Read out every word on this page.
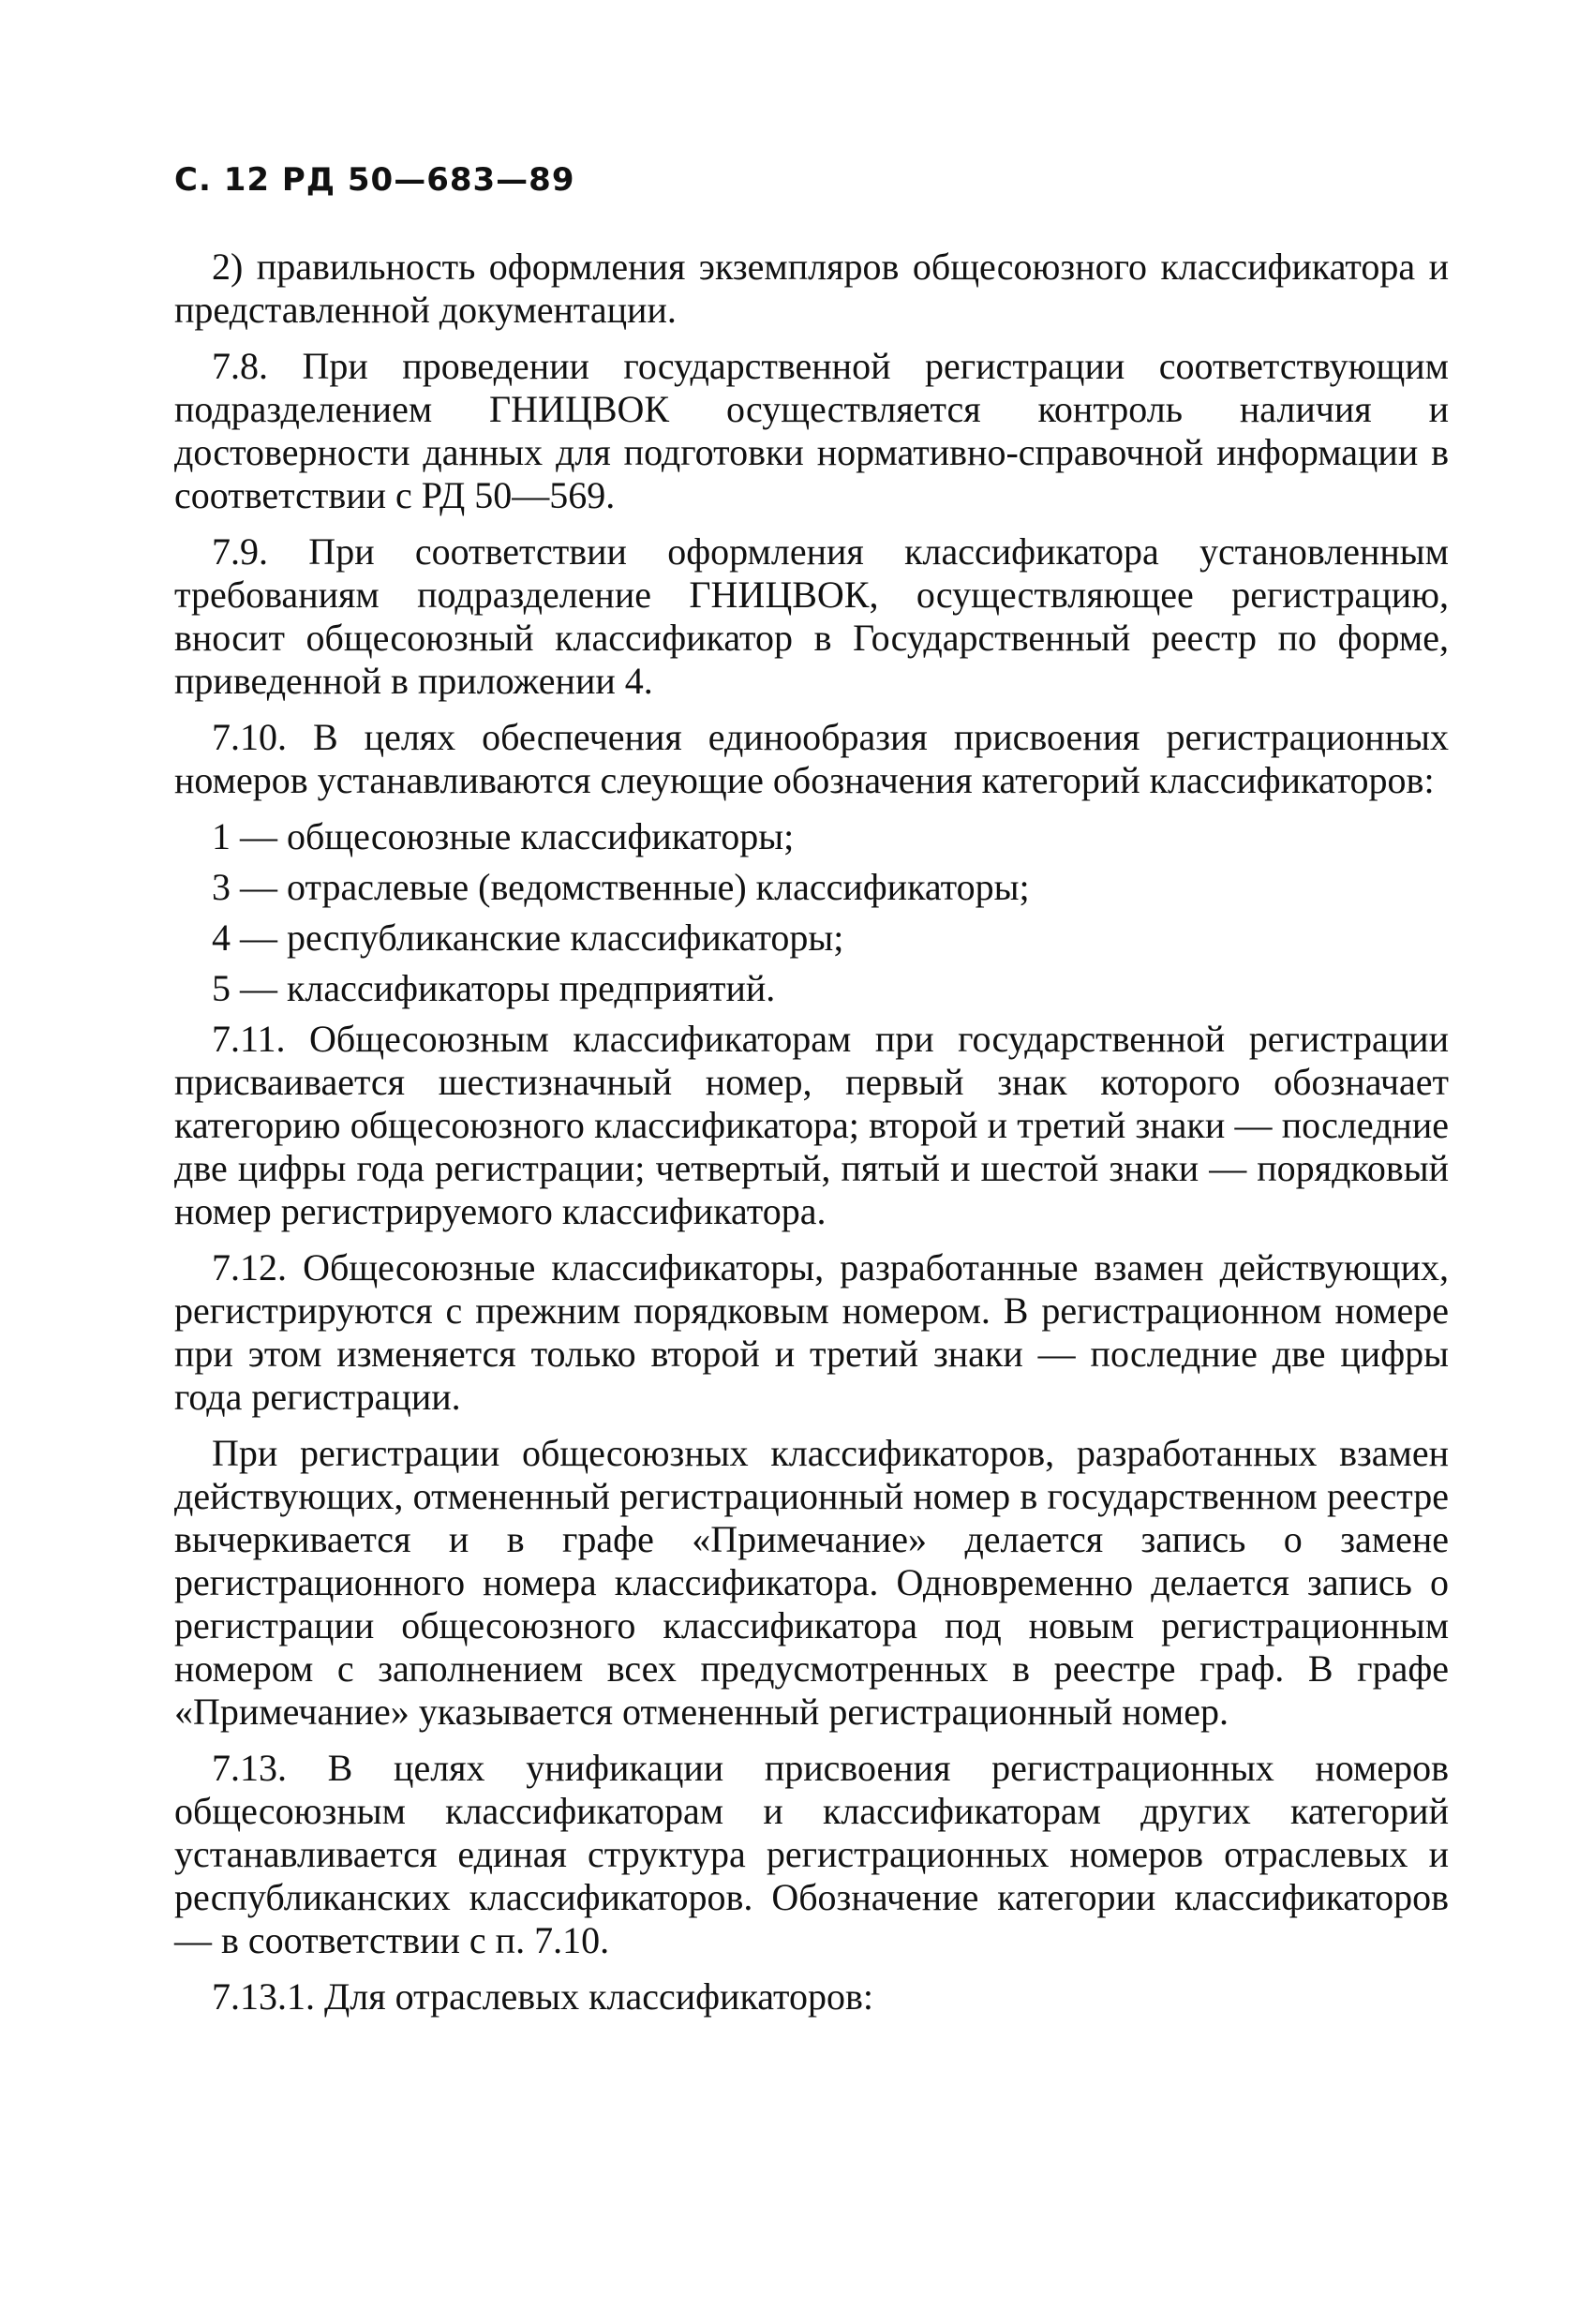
С. 12 РД 50—683—89

2) правильность оформления экземпляров общесоюзного классификатора и представленной документации.

7.8. При проведении государственной регистрации соответствующим подразделением ГНИЦВОК осуществляется контроль наличия и достоверности данных для подготовки нормативно-справочной информации в соответствии с РД 50—569.

7.9. При соответствии оформления классификатора установленным требованиям подразделение ГНИЦВОК, осуществляющее регистрацию, вносит общесоюзный классификатор в Государственный реестр по форме, приведенной в приложении 4.

7.10. В целях обеспечения единообразия присвоения регистрационных номеров устанавливаются слеующие обозначения категорий классификаторов:

1 — общесоюзные классификаторы;

3 — отраслевые (ведомственные) классификаторы;

4 — республиканские классификаторы;

5 — классификаторы предприятий.

7.11. Общесоюзным классификаторам при государственной регистрации присваивается шестизначный номер, первый знак которого обозначает категорию общесоюзного классификатора; второй и третий знаки — последние две цифры года регистрации; четвертый, пятый и шестой знаки — порядковый номер регистрируемого классификатора.

7.12. Общесоюзные классификаторы, разработанные взамен действующих, регистрируются с прежним порядковым номером. В регистрационном номере при этом изменяется только второй и третий знаки — последние две цифры года регистрации.

При регистрации общесоюзных классификаторов, разработанных взамен действующих, отмененный регистрационный номер в государственном реестре вычеркивается и в графе «Примечание» делается запись о замене регистрационного номера классификатора. Одновременно делается запись о регистрации общесоюзного классификатора под новым регистрационным номером с заполнением всех предусмотренных в реестре граф. В графе «Примечание» указывается отмененный регистрационный номер.

7.13. В целях унификации присвоения регистрационных номеров общесоюзным классификаторам и классификаторам других категорий устанавливается единая структура регистрационных номеров отраслевых и республиканских классификаторов. Обозначение категории классификаторов — в соответствии с п. 7.10.

7.13.1. Для отраслевых классификаторов:
